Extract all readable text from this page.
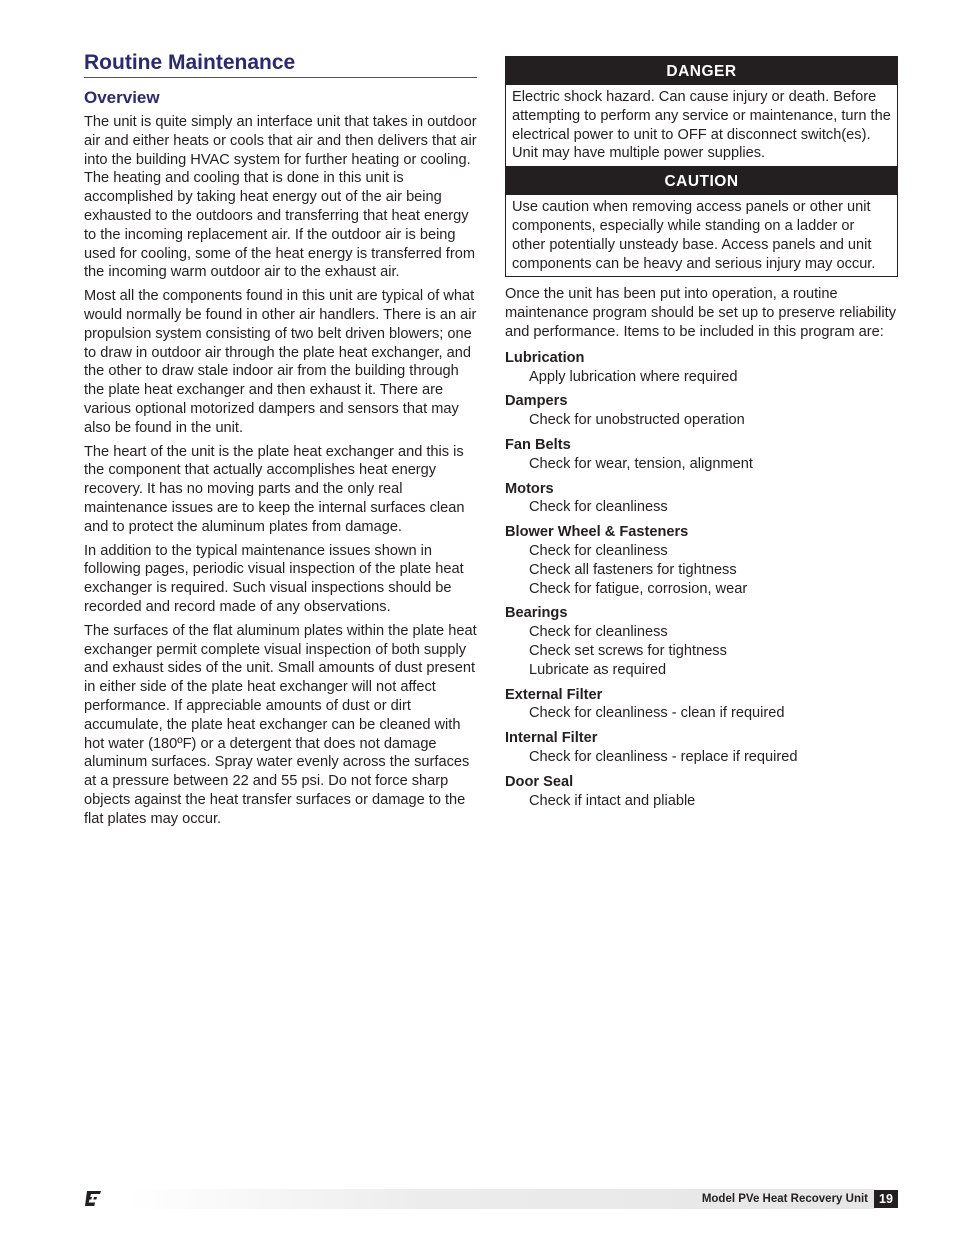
Routine Maintenance
Overview

The unit is quite simply an interface unit that takes in outdoor air and either heats or cools that air and then delivers that air into the building HVAC system for further heating or cooling. The heating and cooling that is done in this unit is accomplished by taking heat energy out of the air being exhausted to the outdoors and transferring that heat energy to the incoming replacement air. If the outdoor air is being used for cooling, some of the heat energy is transferred from the incoming warm outdoor air to the exhaust air.

Most all the components found in this unit are typical of what would normally be found in other air handlers. There is an air propulsion system consisting of two belt driven blowers; one to draw in outdoor air through the plate heat exchanger, and the other to draw stale indoor air from the building through the plate heat exchanger and then exhaust it. There are various optional motorized dampers and sensors that may also be found in the unit.

The heart of the unit is the plate heat exchanger and this is the component that actually accomplishes heat energy recovery. It has no moving parts and the only real maintenance issues are to keep the internal surfaces clean and to protect the aluminum plates from damage.

In addition to the typical maintenance issues shown in following pages, periodic visual inspection of the plate heat exchanger is required. Such visual inspections should be recorded and record made of any observations.

The surfaces of the flat aluminum plates within the plate heat exchanger permit complete visual inspection of both supply and exhaust sides of the unit. Small amounts of dust present in either side of the plate heat exchanger will not affect performance. If appreciable amounts of dust or dirt accumulate, the plate heat exchanger can be cleaned with hot water (180ºF) or a detergent that does not damage aluminum surfaces. Spray water evenly across the surfaces at a pressure between 22 and 55 psi. Do not force sharp objects against the heat transfer surfaces or damage to the flat plates may occur.

DANGER
Electric shock hazard. Can cause injury or death. Before attempting to perform any service or maintenance, turn the electrical power to unit to OFF at disconnect switch(es). Unit may have multiple power supplies.
CAUTION
Use caution when removing access panels or other unit components, especially while standing on a ladder or other potentially unsteady base. Access panels and unit components can be heavy and serious injury may occur.

Once the unit has been put into operation, a routine maintenance program should be set up to preserve reliability and performance. Items to be included in this program are:

Lubrication
Apply lubrication where required
Dampers
Check for unobstructed operation
Fan Belts
Check for wear, tension, alignment
Motors
Check for cleanliness
Blower Wheel & Fasteners
Check for cleanliness
Check all fasteners for tightness
Check for fatigue, corrosion, wear
Bearings
Check for cleanliness
Check set screws for tightness
Lubricate as required
External Filter
Check for cleanliness - clean if required
Internal Filter
Check for cleanliness - replace if required
Door Seal
Check if intact and pliable
Model PVe Heat Recovery Unit 19
